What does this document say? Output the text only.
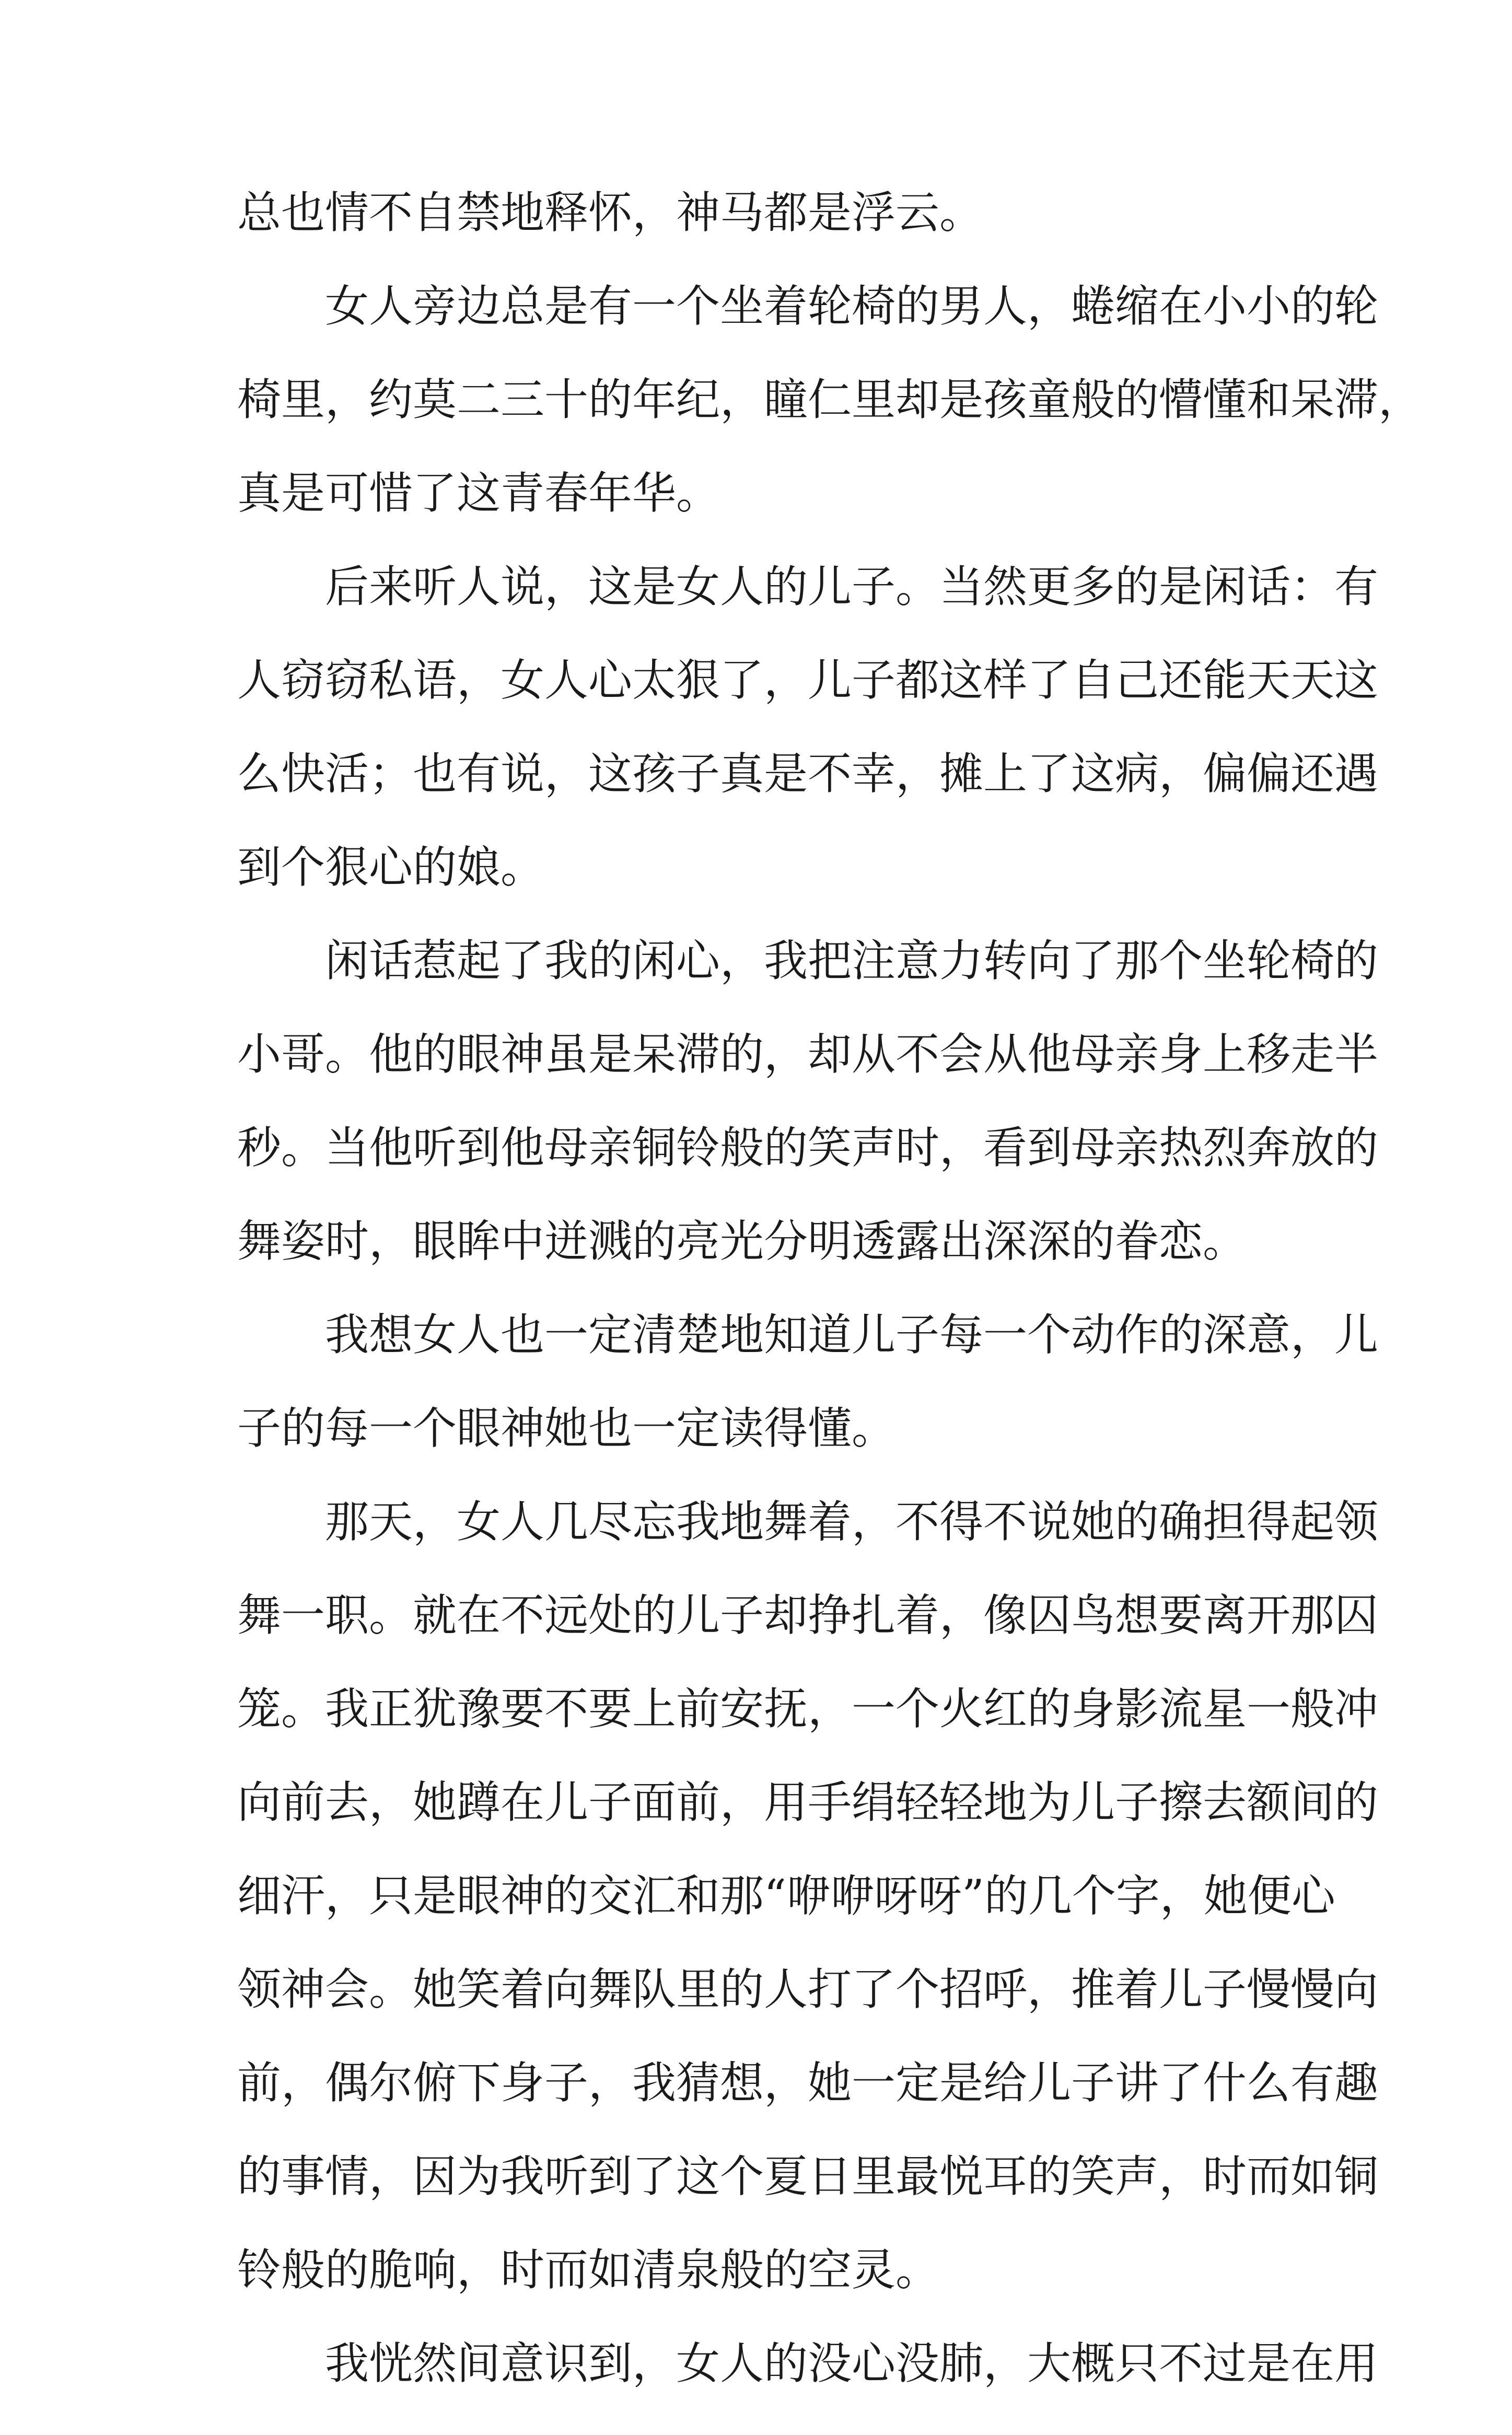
总也情不自禁地释怀，神马都是浮云。
女人旁边总是有一个坐着轮椅的男人，蜷缩在小小的轮
椅里，约莫二三十的年纪，瞳仁里却是孩童般的懵懂和呆滞，
真是可惜了这青春年华。
后来听人说，这是女人的儿子。当然更多的是闲话：有
人窃窃私语，女人心太狠了，儿子都这样了自己还能天天这
么快活；也有说，这孩子真是不幸，摊上了这病，偏偏还遇
到个狠心的娘。
闲话惹起了我的闲心，我把注意力转向了那个坐轮椅的
小哥。他的眼神虽是呆滞的，却从不会从他母亲身上移走半
秒。当他听到他母亲铜铃般的笑声时，看到母亲热烈奔放的
舞姿时，眼眸中迸溅的亮光分明透露出深深的眷恋。
我想女人也一定清楚地知道儿子每一个动作的深意，儿
子的每一个眼神她也一定读得懂。
那天，女人几尽忘我地舞着，不得不说她的确担得起领
舞一职。就在不远处的儿子却挣扎着，像囚鸟想要离开那囚
笼。我正犹豫要不要上前安抚，一个火红的身影流星一般冲
向前去，她蹲在儿子面前，用手绢轻轻地为儿子擦去额间的
细汗，只是眼神的交汇和那“咿咿呀呀”的几个字，她便心
领神会。她笑着向舞队里的人打了个招呼，推着儿子慢慢向
前，偶尔俯下身子，我猜想，她一定是给儿子讲了什么有趣
的事情，因为我听到了这个夏日里最悦耳的笑声，时而如铜
铃般的脆响，时而如清泉般的空灵。
我恍然间意识到，女人的没心没肺，大概只不过是在用
